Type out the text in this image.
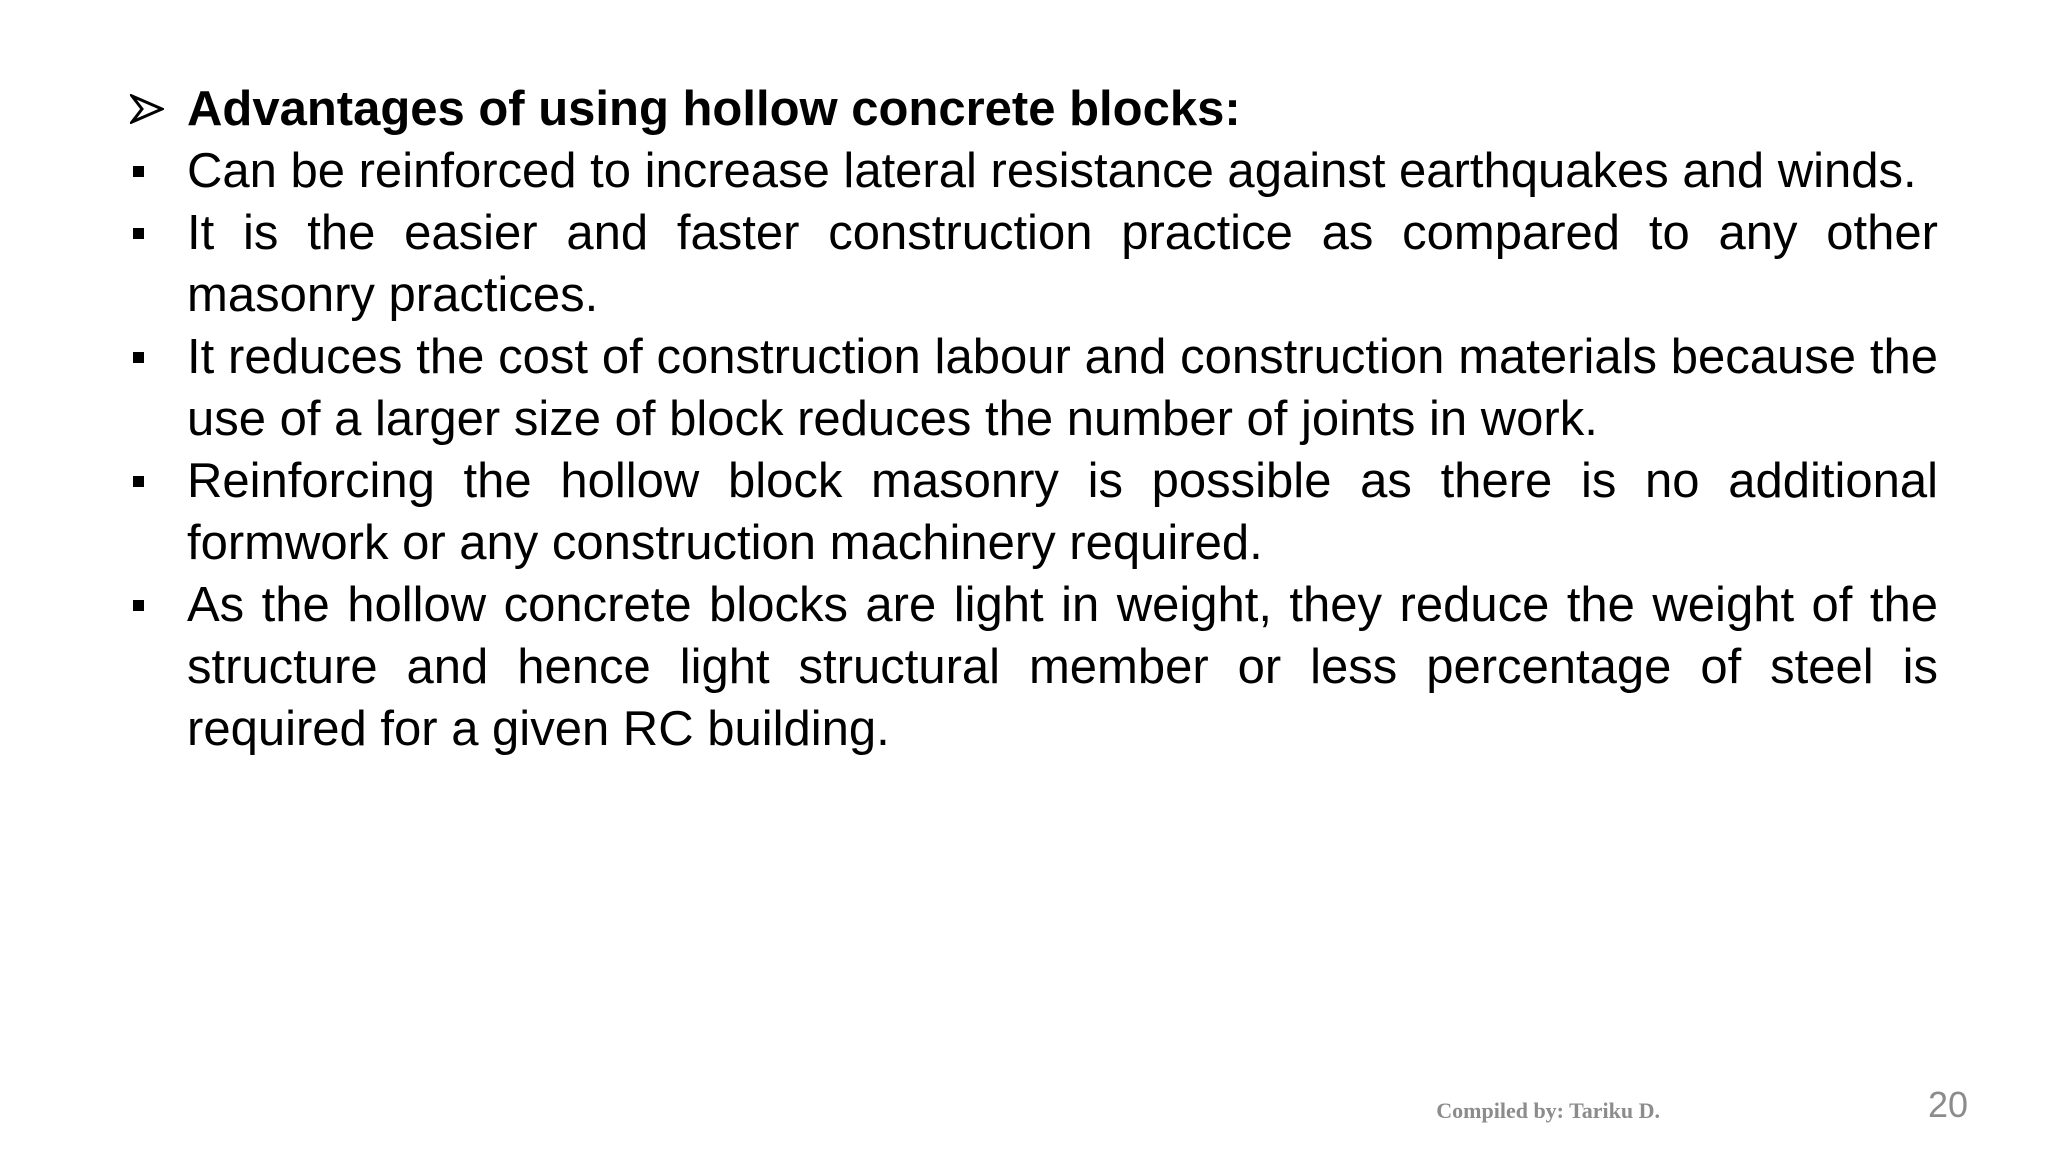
Advantages of using hollow concrete blocks:
Can be reinforced to increase lateral resistance against earthquakes and winds.
It is the easier and faster construction practice as compared to any other masonry practices.
It reduces the cost of construction labour and construction materials because the use of a larger size of block reduces the number of joints in work.
Reinforcing the hollow block masonry is possible as there is no additional formwork or any construction machinery required.
As the hollow concrete blocks are light in weight, they reduce the weight of the structure and hence light structural member or less percentage of steel is required for a given RC building.
Compiled by: Tariku D.	20
